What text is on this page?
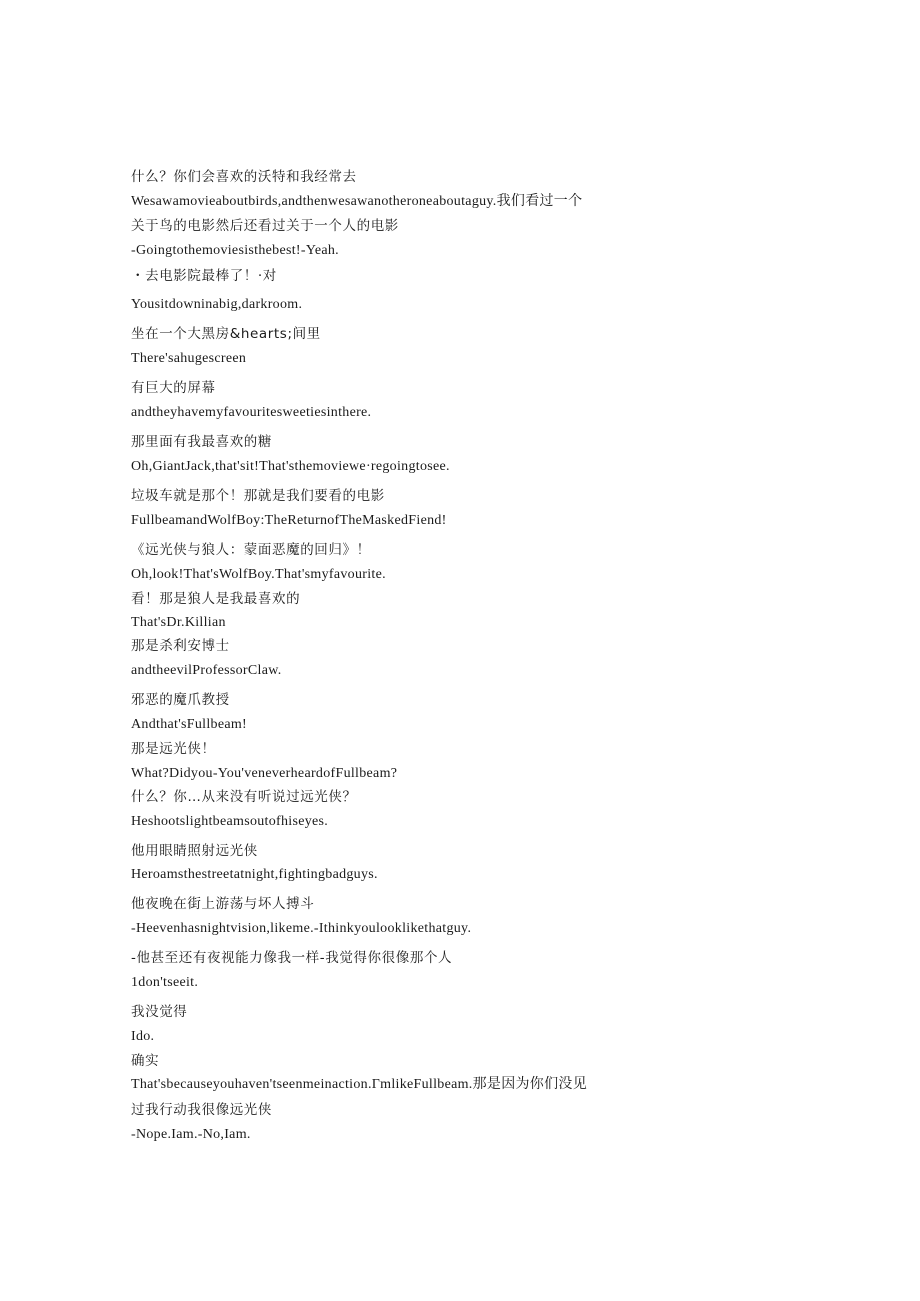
什么？你们会喜欢的沃特和我经常去

Wesawamovieaboutbirds,andthenwesawanotheroneaboutaguy.我们看过一个

关于鸟的电影然后还看过关于一个人的电影

-Goingtothemoviesisthebest!-Yeah.

・去电影院最棒了！·对

Yousitdowninabig,darkroom.

坐在一个大黑房&hearts;间里

There'sahugescreen

有巨大的屏幕

andtheyhavemyfavouritesweetiesinthere.

那里面有我最喜欢的糖

Oh,GiantJack,that'sit!That'sthemoviewe·regoingtosee.

垃圾车就是那个！那就是我们要看的电影

FullbeamandWolfBoy:TheReturnofTheMaskedFiend!

《远光侠与狼人：蒙面恶魔的回归》！

Oh,look!That'sWolfBoy.That'smyfavourite.

看！那是狼人是我最喜欢的

That'sDr.Killian

那是杀利安博士

andtheevilProfessorClaw.

邪恶的魔爪教授

Andthat'sFullbeam!

那是远光侠！

What?Didyou-You'veneverheardofFullbeam?

什么？你…从来没有听说过远光侠？

Heshootslightbeamsoutofhiseyes.

他用眼睛照射远光侠

Heroamsthestreetatnight,fightingbadguys.

他夜晚在街上游荡与坏人搏斗

-Heevenhasnightvision,likeme.-Ithinkyoulooklikethatguy.

-他甚至还有夜视能力像我一样-我觉得你很像那个人

1don'tseeit.

我没觉得

Ido.

确实

That'sbecauseyouhaven'tseenmeinaction.ΓmlikeFullbeam.那是因为你们没见

过我行动我很像远光侠

-Nope.Iam.-No,Iam.
